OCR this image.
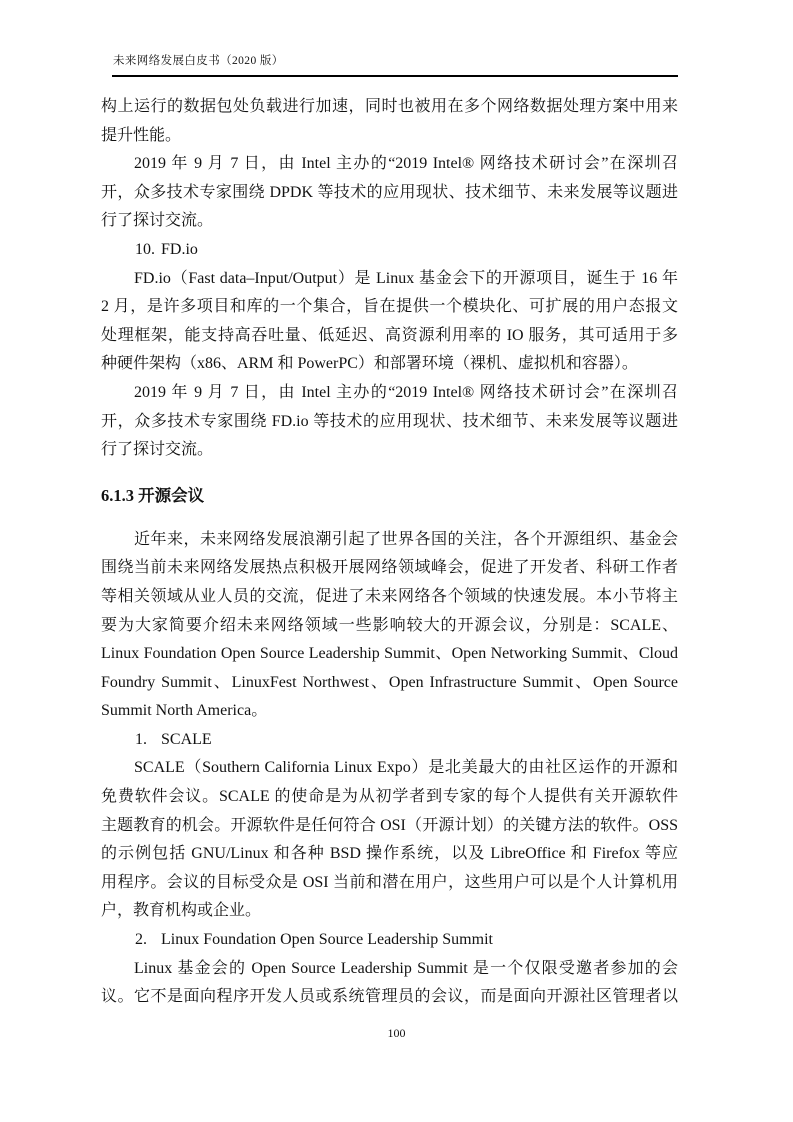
未来网络发展白皮书（2020 版）
构上运行的数据包处负载进行加速，同时也被用在多个网络数据处理方案中用来
提升性能。
2019 年 9 月 7 日，由 Intel 主办的“2019 Intel® 网络技术研讨会”在深圳召
开，众多技术专家围绕 DPDK 等技术的应用现状、技术细节、未来发展等议题进
行了探讨交流。
10. FD.io
FD.io（Fast data–Input/Output）是 Linux 基金会下的开源项目，诞生于 16 年
2 月，是许多项目和库的一个集合，旨在提供一个模块化、可扩展的用户态报文
处理框架，能支持高吞吐量、低延迟、高资源利用率的 IO 服务，其可适用于多
种硬件架构（x86、ARM 和 PowerPC）和部署环境（裸机、虚拟机和容器）。
2019 年 9 月 7 日，由 Intel 主办的“2019 Intel® 网络技术研讨会”在深圳召
开，众多技术专家围绕 FD.io 等技术的应用现状、技术细节、未来发展等议题进
行了探讨交流。
6.1.3 开源会议
近年来，未来网络发展浪潮引起了世界各国的关注，各个开源组织、基金会
围绕当前未来网络发展热点积极开展网络领域峰会，促进了开发者、科研工作者
等相关领域从业人员的交流，促进了未来网络各个领域的快速发展。本小节将主
要为大家简要介绍未来网络领域一些影响较大的开源会议，分别是：SCALE、
Linux Foundation Open Source Leadership Summit、Open Networking Summit、Cloud
Foundry Summit、LinuxFest Northwest、Open Infrastructure Summit、Open Source
Summit North America。
1. SCALE
SCALE（Southern California Linux Expo）是北美最大的由社区运作的开源和
免费软件会议。SCALE 的使命是为从初学者到专家的每个人提供有关开源软件
主题教育的机会。开源软件是任何符合 OSI（开源计划）的关键方法的软件。OSS
的示例包括 GNU/Linux 和各种 BSD 操作系统，以及 LibreOffice 和 Firefox 等应
用程序。会议的目标受众是 OSI 当前和潜在用户，这些用户可以是个人计算机用
户，教育机构或企业。
2. Linux Foundation Open Source Leadership Summit
Linux 基金会的 Open Source Leadership Summit 是一个仅限受邀者参加的会
议。它不是面向程序开发人员或系统管理员的会议，而是面向开源社区管理者以
100
